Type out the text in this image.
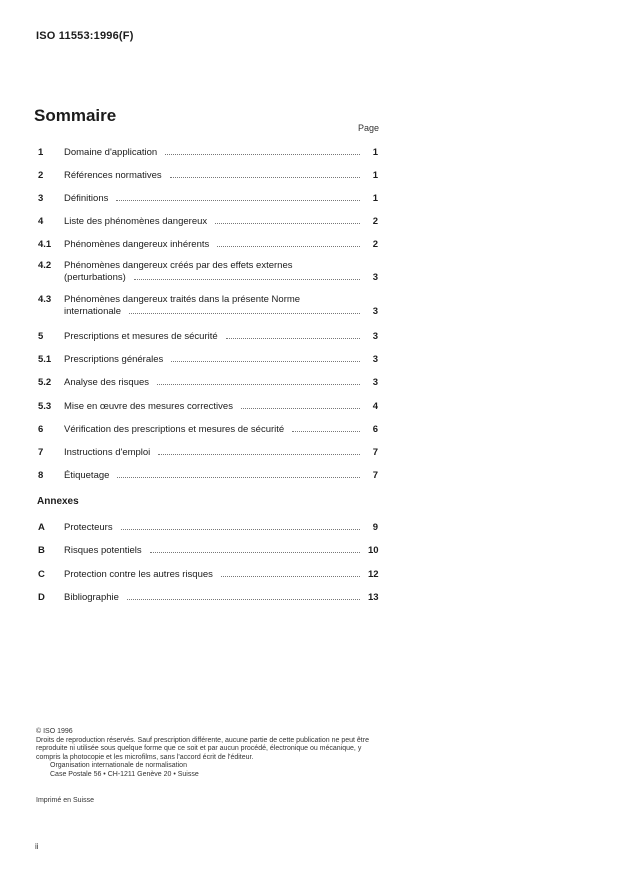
ISO 11553:1996(F)
Sommaire
Page
1	Domaine d'application	1
2	Références normatives	1
3	Définitions	1
4	Liste des phénomènes dangereux	2
4.1	Phénomènes dangereux inhérents	2
4.2 Phénomènes dangereux créés par des effets externes
(perturbations)	3
4.3 Phénomènes dangereux traités dans la présente Norme
internationale	3
5	Prescriptions et mesures de sécurité	3
5.1	Prescriptions générales	3
5.2	Analyse des risques	3
5.3	Mise en œuvre des mesures correctives	4
6	Vérification des prescriptions et mesures de sécurité	6
7	Instructions d'emploi	7
8	Étiquetage	7
Annexes
A	Protecteurs	9
B	Risques potentiels	10
C	Protection contre les autres risques	12
D	Bibliographie	13
© ISO 1996
Droits de reproduction réservés. Sauf prescription différente, aucune partie de cette publication ne peut être reproduite ni utilisée sous quelque forme que ce soit et par aucun procédé, électronique ou mécanique, y compris la photocopie et les microfilms, sans l'accord écrit de l'éditeur.
Organisation internationale de normalisation
Case Postale 56 • CH-1211 Genève 20 • Suisse
Imprimé en Suisse
ii
